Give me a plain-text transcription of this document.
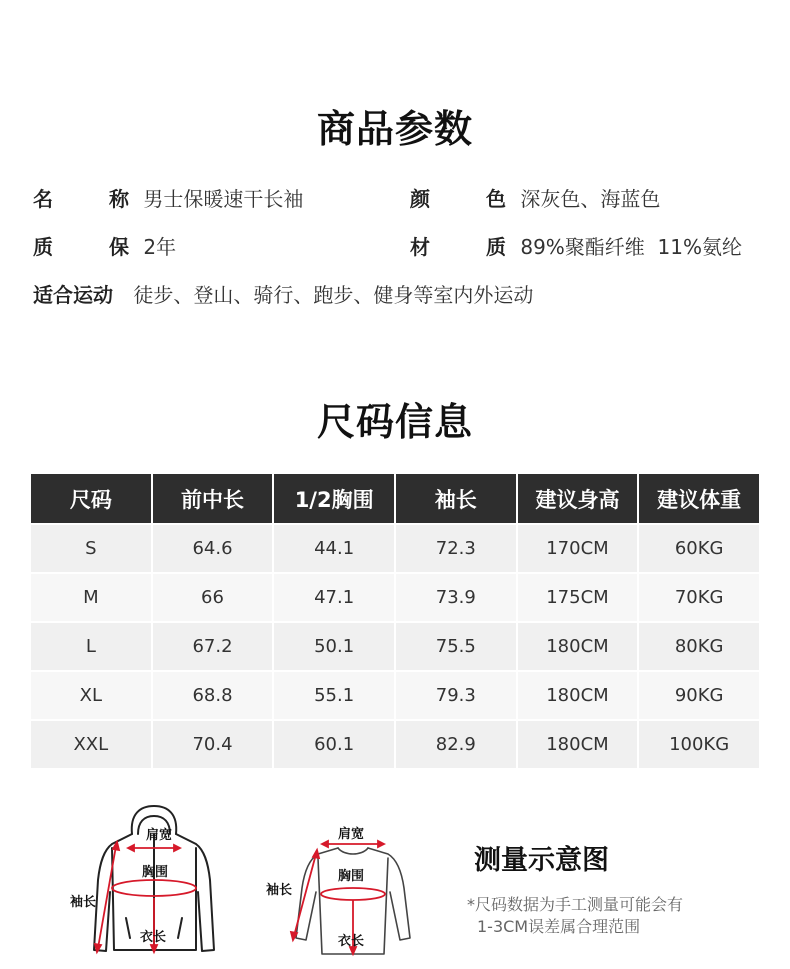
商品参数
名	称 男士保暖速干长袖	颜	色 深灰色、海蓝色
质	保 2年	材	质 89%聚酯纤维  11%氨纶
适合运动 徒步、登山、骑行、跑步、健身等室内外运动
尺码信息
尺码	前中长	1/2胸围	袖长	建议身高	建议体重
S	64.6	44.1	72.3	170CM	60KG
M	66	47.1	73.9	175CM	70KG
L	67.2	50.1	75.5	180CM	80KG
XL	68.8	55.1	79.3	180CM	90KG
XXL	70.4	60.1	82.9	180CM	100KG
肩宽
胸围
袖长
衣长
肩宽
胸围
袖长
衣长
测量示意图
*尺码数据为手工测量可能会有
1-3CM误差属合理范围
